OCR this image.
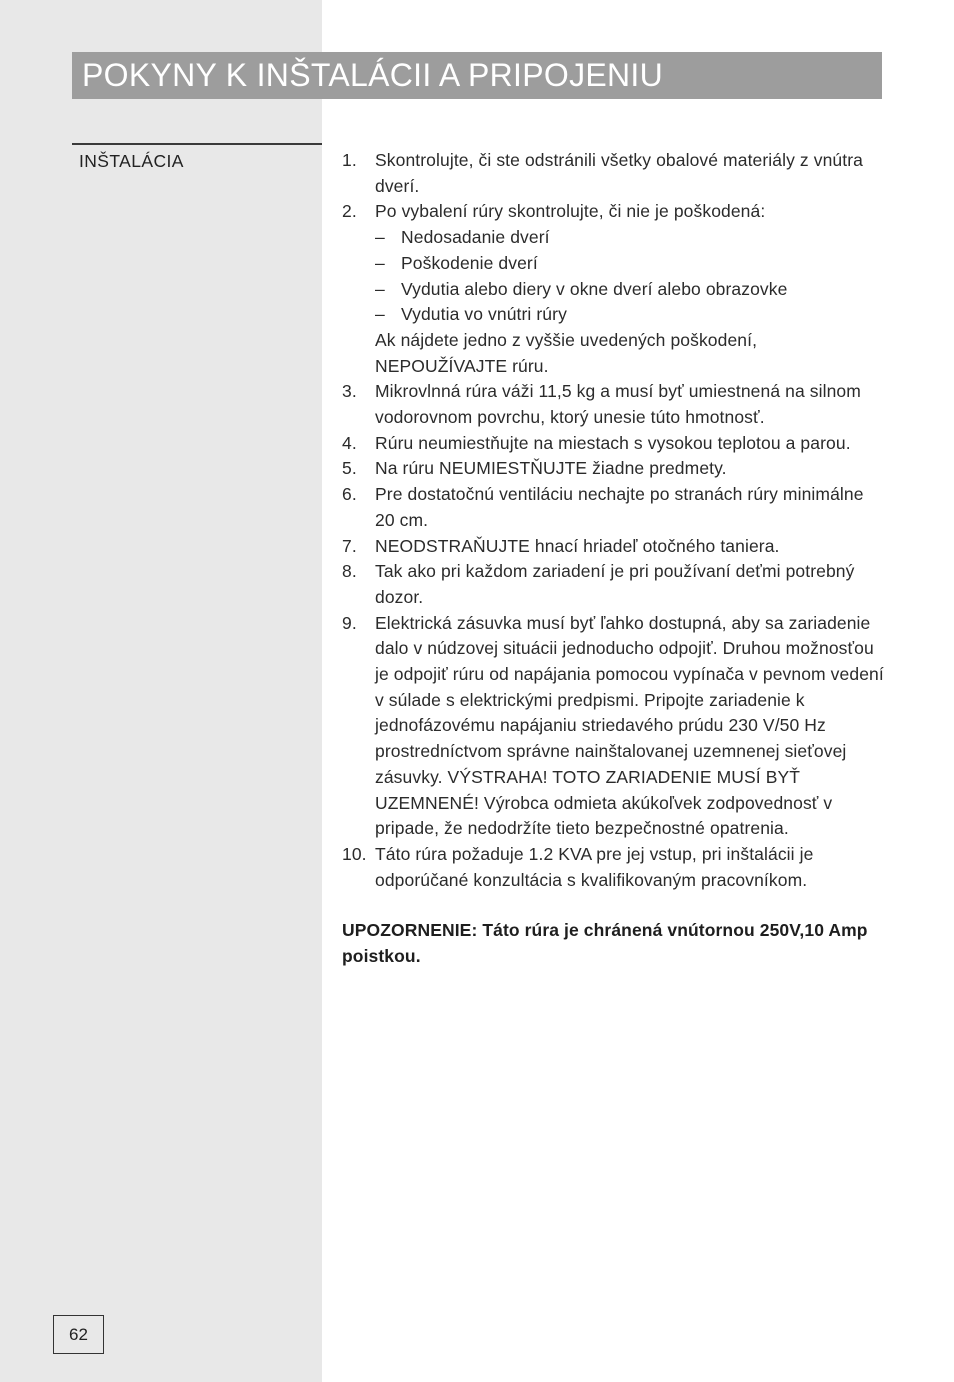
POKYNY K INŠTALÁCII A PRIPOJENIU
INŠTALÁCIA	1.	Skontrolujte, či ste odstránili všetky obalové materiály z vnútra dverí.
2.	Po vybalení rúry skontrolujte, či nie je poškodená:
– Nedosadanie dverí
– Poškodenie dverí
– Vydutia alebo diery v okne dverí alebo obrazovke
– Vydutia vo vnútri rúry
Ak nájdete jedno z vyššie uvedených poškodení, NEPOUŽÍVAJTE rúru.
3.	Mikrovlnná rúra váži 11,5 kg a musí byť umiestnená na silnom vodorovnom povrchu, ktorý unesie túto hmotnosť.
4.	Rúru neumiestňujte na miestach s vysokou teplotou a parou.
5.	Na rúru NEUMIESTŇUJTE žiadne predmety.
6.	Pre dostatočnú ventiláciu nechajte po stranách rúry minimálne 20 cm.
7.	NEODSTRAŇUJTE hnací hriadeľ otočného taniera.
8.	Tak ako pri každom zariadení je pri používaní deťmi potrebný dozor.
9.	Elektrická zásuvka musí byť ľahko dostupná, aby sa zariadenie dalo v núdzovej situácii jednoducho odpojiť. Druhou možnosťou je odpojiť rúru od napájania pomocou vypínača v pevnom vedení v súlade s elektrickými predpismi. Pripojte zariadenie k jednofázovému napájaniu striedavého prúdu 230 V/50 Hz prostredníctvom správne nainštalovanej uzemnenej sieťovej zásuvky. VÝSTRAHA! TOTO ZARIADENIE MUSÍ BYŤ UZEMNENÉ! Výrobca odmieta akúkoľvek zodpovednosť v pripade, že nedodržíte tieto bezpečnostné opatrenia.
10. Táto rúra požaduje 1.2 KVA pre jej vstup, pri inštalácii je odporúčané konzultácia s kvalifikovaným pracovníkom.
UPOZORNENIE: Táto rúra je chránená vnútornou 250V,10 Amp poistkou.
62
